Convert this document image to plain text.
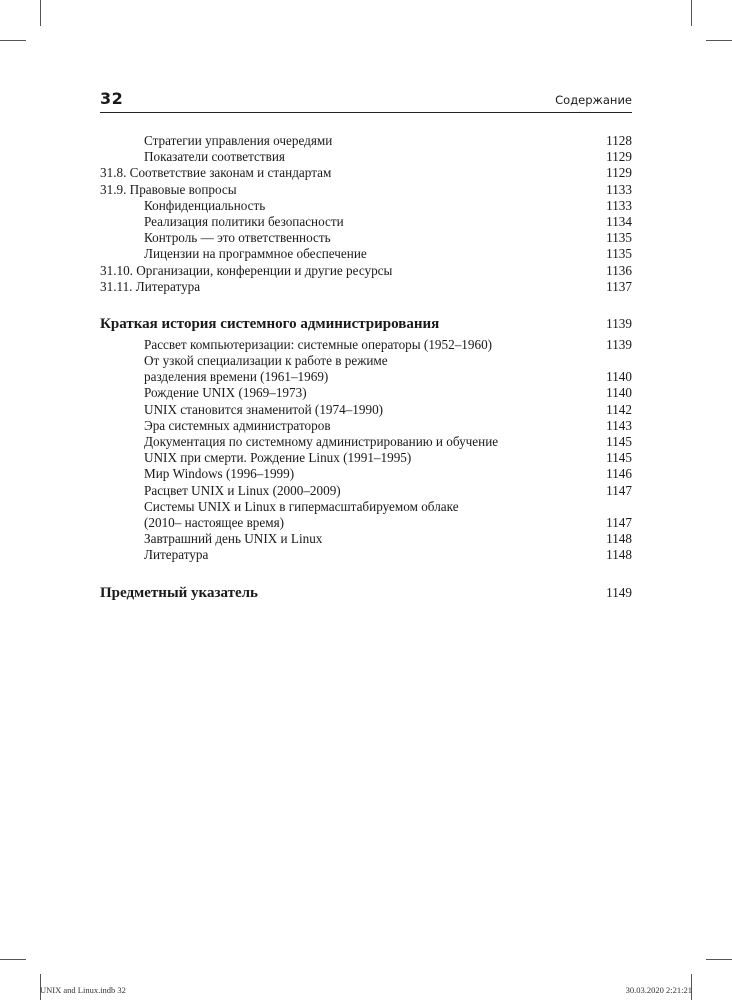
32	Содержание
Стратегии управления очередями	1128
Показатели соответствия	1129
31.8. Соответствие законам и стандартам	1129
31.9. Правовые вопросы	1133
Конфиденциальность	1133
Реализация политики безопасности	1134
Контроль — это ответственность	1135
Лицензии на программное обеспечение	1135
31.10. Организации, конференции и другие ресурсы	1136
31.11. Литература	1137
Краткая история системного администрирования	1139
Рассвет компьютеризации: системные операторы (1952–1960)	1139
От узкой специализации к работе в режиме
разделения времени (1961–1969)	1140
Рождение UNIX (1969–1973)	1140
UNIX становится знаменитой (1974–1990)	1142
Эра системных администраторов	1143
Документация по системному администрированию и обучение	1145
UNIX при смерти. Рождение Linux (1991–1995)	1145
Мир Windows (1996–1999)	1146
Расцвет UNIX и Linux (2000–2009)	1147
Системы UNIX и Linux в гипермасштабируемом облаке
(2010– настоящее время)	1147
Завтрашний день UNIX и Linux	1148
Литература	1148
Предметный указатель	1149
UNIX and Linux.indb 32	30.03.2020 2:21:21
